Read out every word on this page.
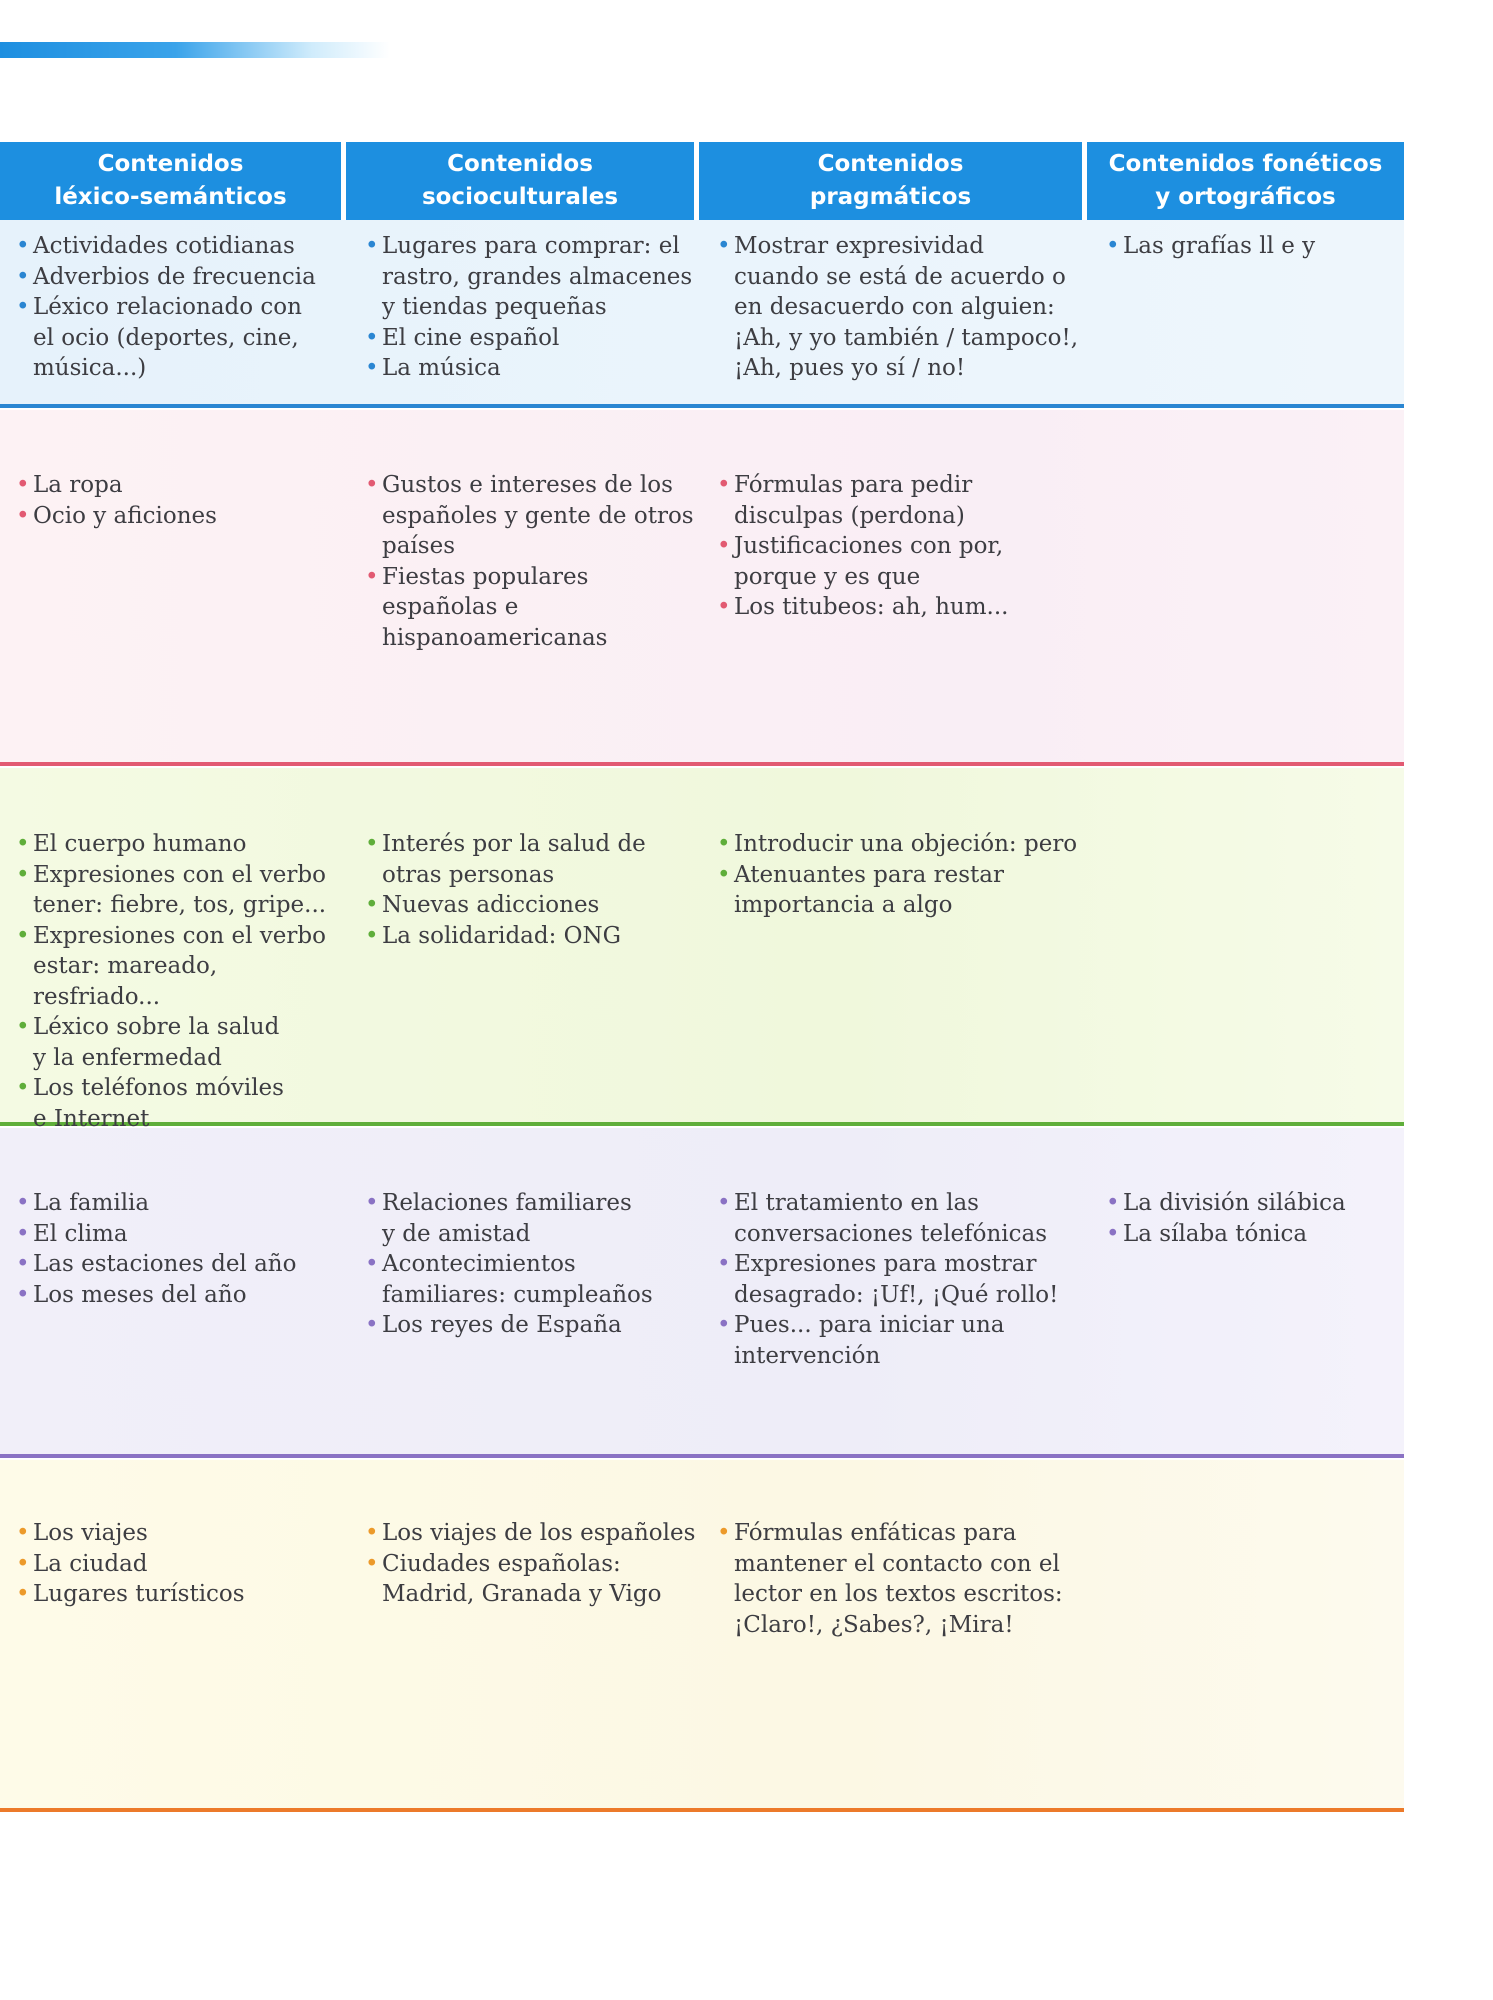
Contenidos
léxico-semánticos
Contenidos
socioculturales
Contenidos
pragmáticos
Contenidos fonéticos
y ortográficos
• Actividades cotidianas
• Adverbios de frecuencia
• Léxico relacionado con
el ocio (deportes, cine,
música...)
• Lugares para comprar: el
rastro, grandes almacenes
y tiendas pequeñas
• El cine español
• La música
• Mostrar expresividad
cuando se está de acuerdo o
en desacuerdo con alguien:
¡Ah, y yo también / tampoco!,
¡Ah, pues yo sí / no!
• Las grafías ll e y
• La ropa
• Ocio y aficiones
• Gustos e intereses de los
españoles y gente de otros
países
• Fiestas populares
españolas e
hispanoamericanas
• Fórmulas para pedir
disculpas (perdona)
• Justificaciones con por,
porque y es que
• Los titubeos: ah, hum...
• El cuerpo humano
• Expresiones con el verbo
tener: fiebre, tos, gripe...
• Expresiones con el verbo
estar: mareado, resfriado...
• Léxico sobre la salud
y la enfermedad
• Los teléfonos móviles
e Internet
• Interés por la salud de
otras personas
• Nuevas adicciones
• La solidaridad: ONG
• Introducir una objeción: pero
• Atenuantes para restar
importancia a algo
• La familia
• El clima
• Las estaciones del año
• Los meses del año
• Relaciones familiares
y de amistad
• Acontecimientos
familiares: cumpleaños
• Los reyes de España
• El tratamiento en las
conversaciones telefónicas
• Expresiones para mostrar
desagrado: ¡Uf!, ¡Qué rollo!
• Pues... para iniciar una
intervención
• La división silábica
• La sílaba tónica
• Los viajes
• La ciudad
• Lugares turísticos
• Los viajes de los españoles
• Ciudades españolas:
Madrid, Granada y Vigo
• Fórmulas enfáticas para
mantener el contacto con el
lector en los textos escritos:
¡Claro!, ¿Sabes?, ¡Mira!
